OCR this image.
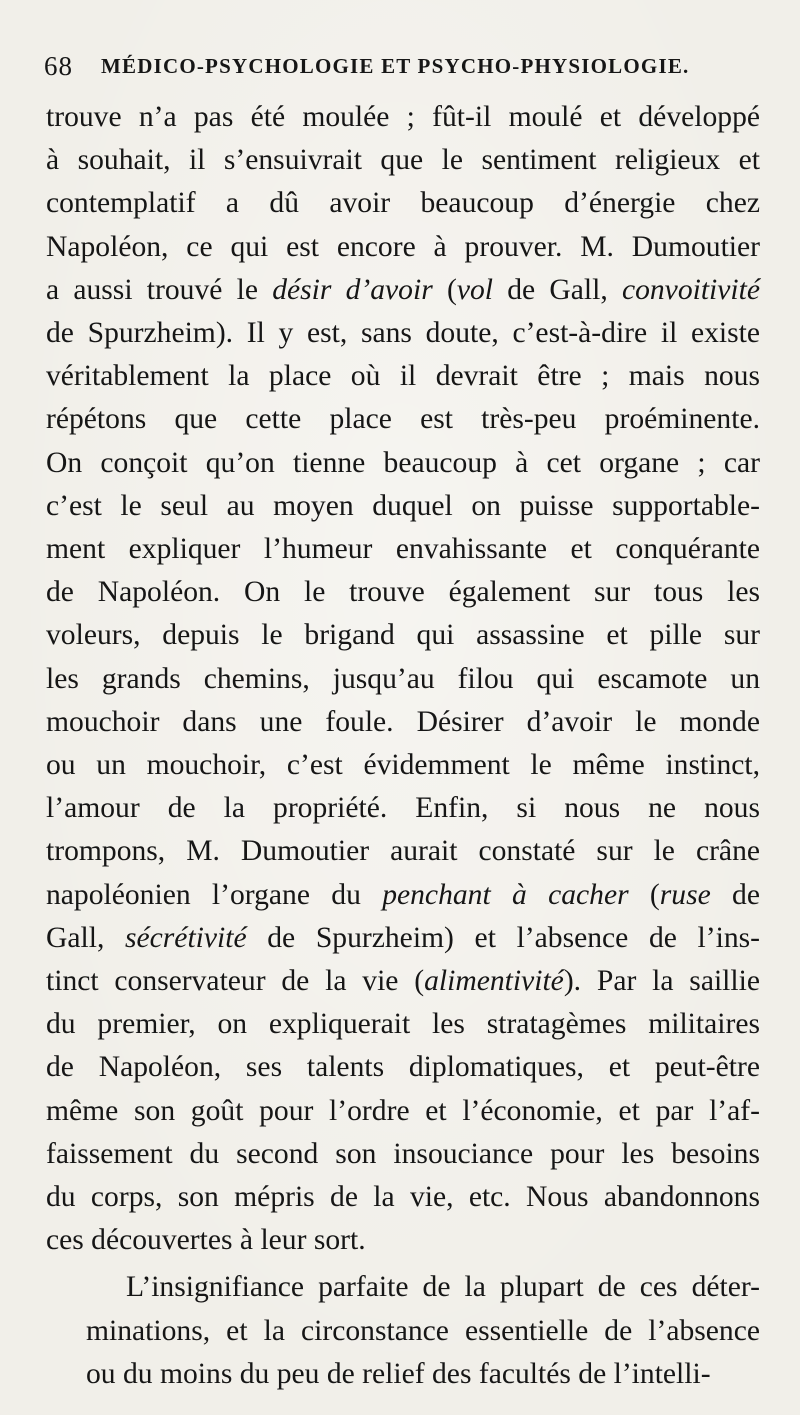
68 MÉDICO-PSYCHOLOGIE ET PSYCHO-PHYSIOLOGIE.
trouve n’a pas été moulée ; fût-il moulé et développé
à souhait, il s’ensuivrait que le sentiment religieux et
contemplatif a dû avoir beaucoup d’énergie chez
Napoléon, ce qui est encore à prouver. M. Dumoutier
a aussi trouvé le désir d’avoir (vol de Gall, convoitivité
de Spurzheim). Il y est, sans doute, c’est-à-dire il existe
véritablement la place où il devrait être ; mais nous
répétons que cette place est très-peu proéminente.
On conçoit qu’on tienne beaucoup à cet organe ; car
c’est le seul au moyen duquel on puisse supportable-
ment expliquer l’humeur envahissante et conquérante
de Napoléon. On le trouve également sur tous les
voleurs, depuis le brigand qui assassine et pille sur
les grands chemins, jusqu’au filou qui escamote un
mouchoir dans une foule. Désirer d’avoir le monde
ou un mouchoir, c’est évidemment le même instinct,
l’amour de la propriété. Enfin, si nous ne nous
trompons, M. Dumoutier aurait constaté sur le crâne
napoléonien l’organe du penchant à cacher (ruse de
Gall, sécrétivité de Spurzheim) et l’absence de l’ins-
tinct conservateur de la vie (alimentivité). Par la saillie
du premier, on expliquerait les stratagèmes militaires
de Napoléon, ses talents diplomatiques, et peut-être
même son goût pour l’ordre et l’économie, et par l’af-
faissement du second son insouciance pour les besoins
du corps, son mépris de la vie, etc. Nous abandonnons
ces découvertes à leur sort.
L’insignifiance parfaite de la plupart de ces déter-
minations, et la circonstance essentielle de l’absence
ou du moins du peu de relief des facultés de l’intelli-
